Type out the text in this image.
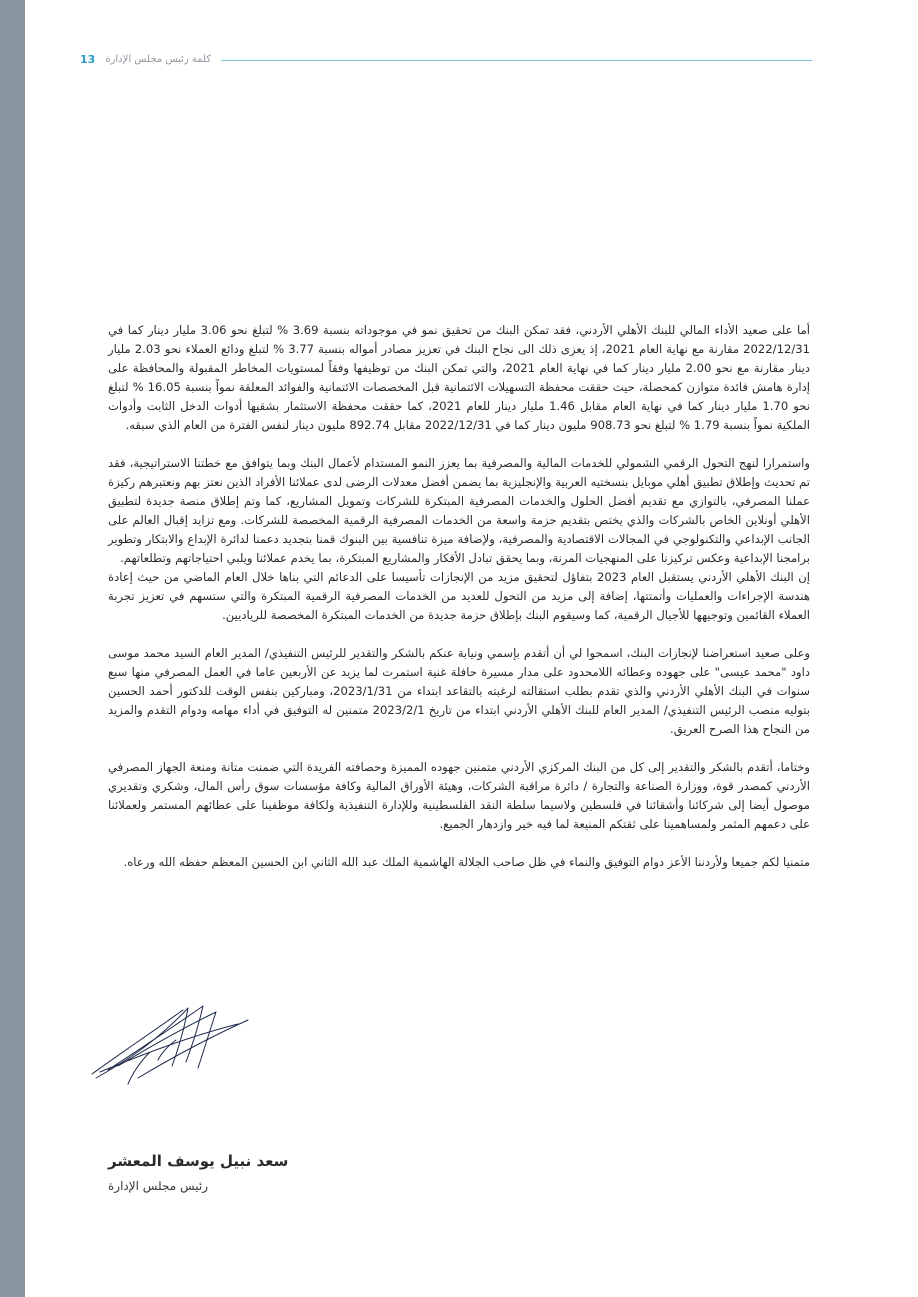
13 كلمة رئيس مجلس الإدارة

أما على صعيد الأداء المالي للبنك الأهلي الأردني، فقد تمكن البنك من تحقيق نمو في موجوداته بنسبة 3.69 % لتبلغ نحو 3.06 مليار دينار كما في 2022/12/31 مقارنة مع نهاية العام 2021، إذ يعزى ذلك الى نجاح البنك في تعزيز مصادر أمواله بنسبة 3.77 % لتبلغ ودائع العملاء نحو 2.03 مليار دينار مقارنة مع نحو 2.00 مليار دينار كما في نهاية العام 2021، والتي تمكن البنك من توظيفها وفقاً لمستويات المخاطر المقبولة والمحافظة على إدارة هامش فائدة متوازن كمحصلة، حيث حققت محفظة التسهيلات الائتمانية قبل المخصصات الائتمانية والفوائد المعلقة نمواً بنسبة 16.05 % لتبلغ نحو 1.70 مليار دينار كما في نهاية العام مقابل 1.46 مليار دينار للعام 2021، كما حققت محفظة الاستثمار بشقيها أدوات الدخل الثابت وأدوات الملكية نمواً بنسبة 1.79 % لتبلغ نحو 908.73 مليون دينار كما في 2022/12/31 مقابل 892.74 مليون دينار لنفس الفترة من العام الذي سبقه.

واستمرارا لنهج التحول الرقمي الشمولي للخدمات المالية والمصرفية بما يعزز النمو المستدام لأعمال البنك وبما يتوافق مع خطتنا الاستراتيجية، فقد تم تحديث وإطلاق تطبيق أهلي موبايل بنسختيه العربية والإنجليزية بما يضمن أفضل معدلات الرضى لدى عملائنا الأفراد الذين نعتز بهم ونعتبرهم ركيزة عملنا المصرفي، بالتوازي مع تقديم أفضل الحلول والخدمات المصرفية المبتكرة للشركات وتمويل المشاريع، كما وتم إطلاق منصة جديدة لتطبيق الأهلي أونلاين الخاص بالشركات والذي يختص بتقديم حزمة واسعة من الخدمات المصرفية الرقمية المخصصة للشركات. ومع تزايد إقبال العالم على الجانب الإبداعي والتكنولوجي في المجالات الاقتصادية والمصرفية، ولإضافة ميزة تنافسية بين البنوك قمنا بتجديد دعمنا لدائرة الإبداع والابتكار وتطوير برامجنا الإبداعية وعكس تركيزنا على المنهجيات المرنة، وبما يحقق تبادل الأفكار والمشاريع المبتكرة، بما يخدم عملائنا ويلبي احتياجاتهم وتطلعاتهم.

إن البنك الأهلي الأردني يستقبل العام 2023 بتفاؤل لتحقيق مزيد من الإنجازات تأسيسا على الدعائم التي بناها خلال العام الماضي من حيث إعادة هندسة الإجراءات والعمليات وأتمتتها، إضافة إلى مزيد من التحول للعديد من الخدمات المصرفية الرقمية المبتكرة والتي ستسهم في تعزيز تجربة العملاء القائمين وتوجيهها للأجيال الرقمية، كما وسيقوم البنك بإطلاق حزمة جديدة من الخدمات المبتكرة المخصصة للرياديين.

وعلى صعيد استعراضنا لإنجازات البنك، اسمحوا لي أن أتقدم بإسمي ونيابة عنكم بالشكر والتقدير للرئيس التنفيذي/ المدير العام السيد محمد موسى داود "محمد عيسى" على جهوده وعطائه اللامحدود على مدار مسيرة حافلة غنية استمرت لما يزيد عن الأربعين عاما في العمل المصرفي منها سبع سنوات في البنك الأهلي الأردني والذي تقدم بطلب استقالته لرغبته بالتقاعد ابتداء من 2023/1/31، ومباركين بنفس الوقت للدكتور أحمد الحسين بتوليه منصب الرئيس التنفيذي/ المدير العام للبنك الأهلي الأردني ابتداء من تاريخ 2023/2/1 متمنين له التوفيق في أداء مهامه ودوام التقدم والمزيد من النجاح هذا الصرح العريق.

وختاما، أتقدم بالشكر والتقدير إلى كل من البنك المركزي الأردني متمنين جهوده المميزة وحصافته الفريدة التي ضمنت متانة ومنعة الجهاز المصرفي الأردني كمصدر قوة، ووزارة الصناعة والتجارة / دائرة مراقبة الشركات، وهيئة الأوراق المالية وكافة مؤسسات سوق رأس المال، وشكري وتقديري موصول أيضا إلى شركائنا وأشقائنا في فلسطين ولاسيما سلطة النقد الفلسطينية وللإدارة التنفيذية ولكافة موظفينا على عطائهم المستمر ولعملائنا على دعمهم المثمر ولمساهمينا على ثقتكم المنيعة لما فيه خير وازدهار الجميع.

متمنيا لكم جميعا ولأردننا الأعز دوام التوفيق والنماء في ظل صاحب الجلالة الهاشمية الملك عبد الله الثاني ابن الحسين المعظم حفظه الله ورعاه.

سعد نبيل يوسف المعشر
رئيس مجلس الإدارة
